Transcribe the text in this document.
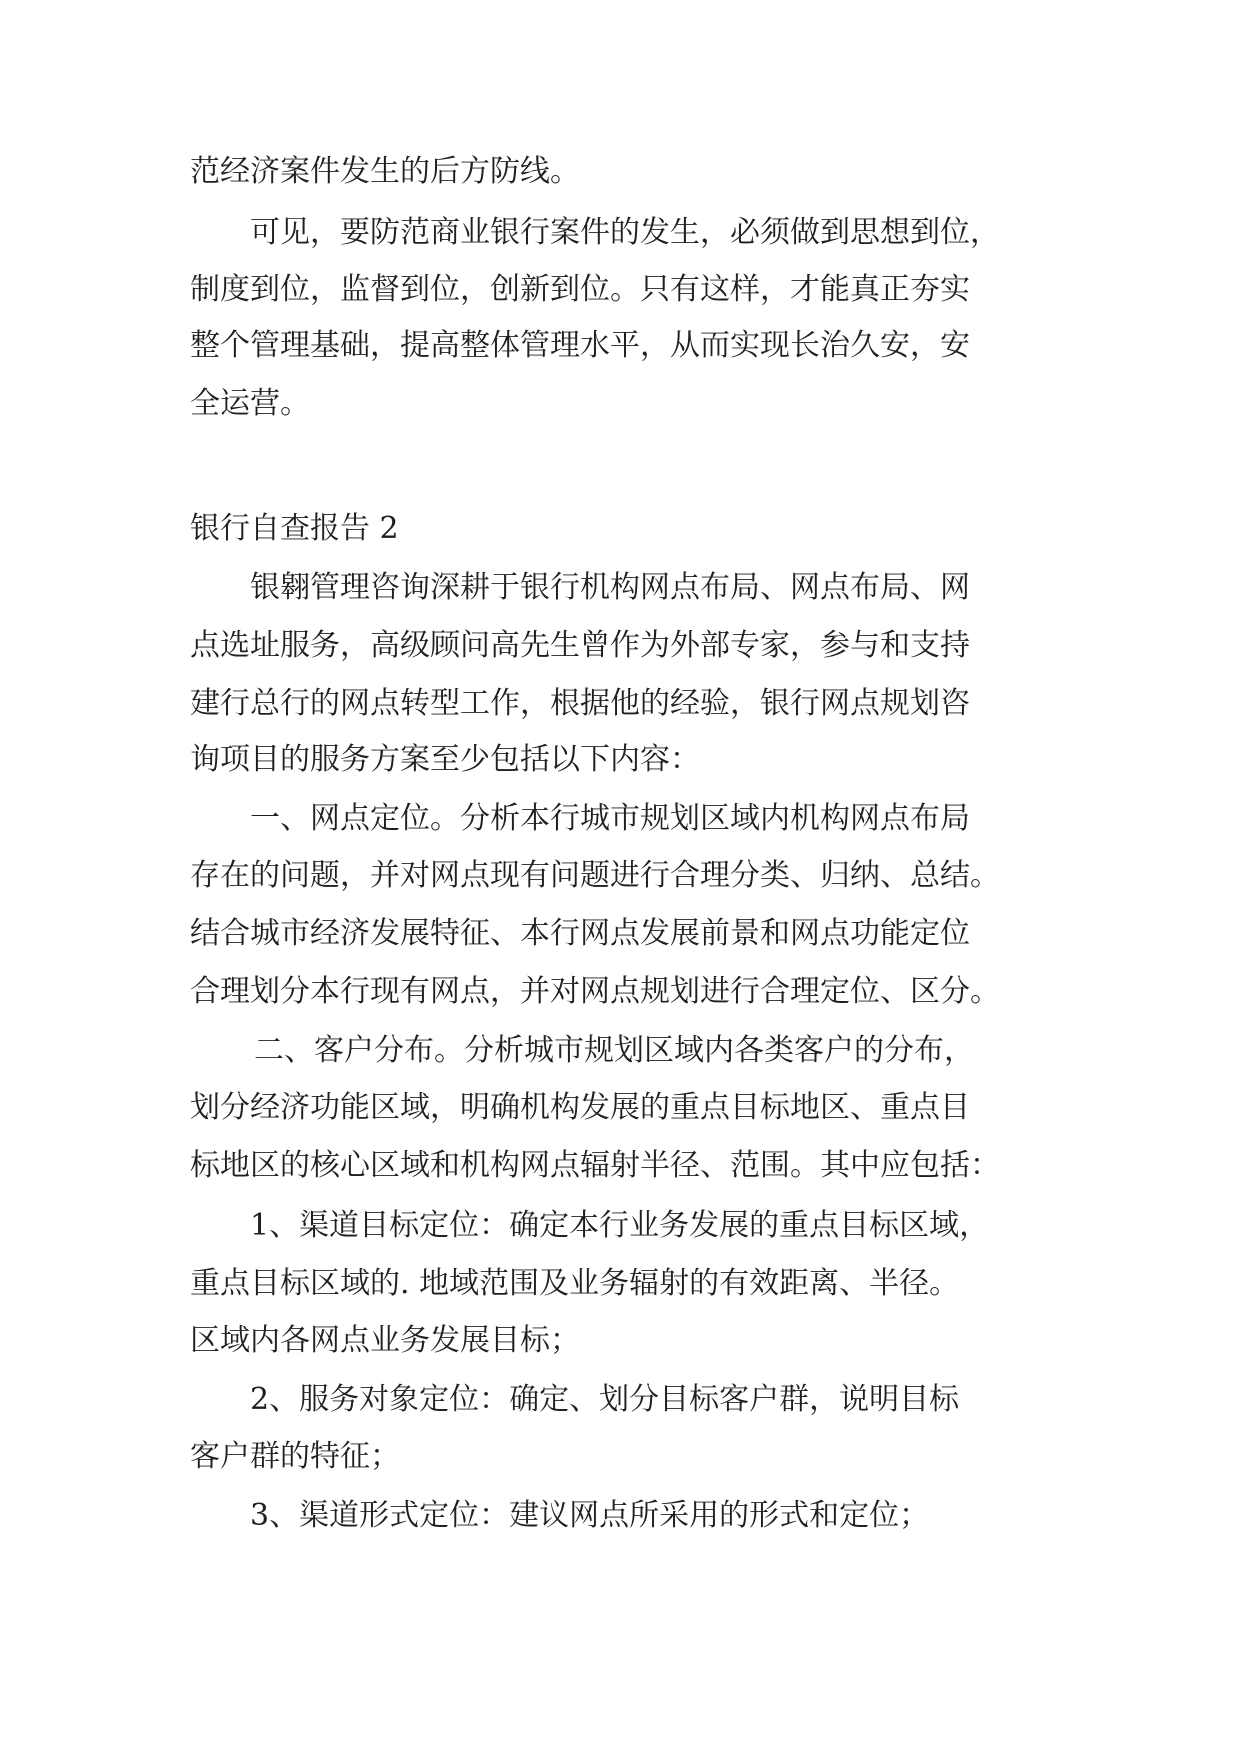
范经济案件发生的后方防线。
可见，要防范商业银行案件的发生，必须做到思想到位，
制度到位，监督到位，创新到位。只有这样，才能真正夯实
整个管理基础，提高整体管理水平，从而实现长治久安，安
全运营。
银行自查报告 2
银翱管理咨询深耕于银行机构网点布局、网点布局、网
点选址服务，高级顾问高先生曾作为外部专家，参与和支持
建行总行的网点转型工作，根据他的经验，银行网点规划咨
询项目的服务方案至少包括以下内容：
一、网点定位。分析本行城市规划区域内机构网点布局
存在的问题，并对网点现有问题进行合理分类、归纳、总结。
结合城市经济发展特征、本行网点发展前景和网点功能定位
合理划分本行现有网点，并对网点规划进行合理定位、区分。
二、客户分布。分析城市规划区域内各类客户的分布，
划分经济功能区域，明确机构发展的重点目标地区、重点目
标地区的核心区域和机构网点辐射半径、范围。其中应包括：
1、渠道目标定位：确定本行业务发展的重点目标区域，
重点目标区域的. 地域范围及业务辐射的有效距离、半径。
区域内各网点业务发展目标；
2、服务对象定位：确定、划分目标客户群，说明目标
客户群的特征；
3、渠道形式定位：建议网点所采用的形式和定位；
